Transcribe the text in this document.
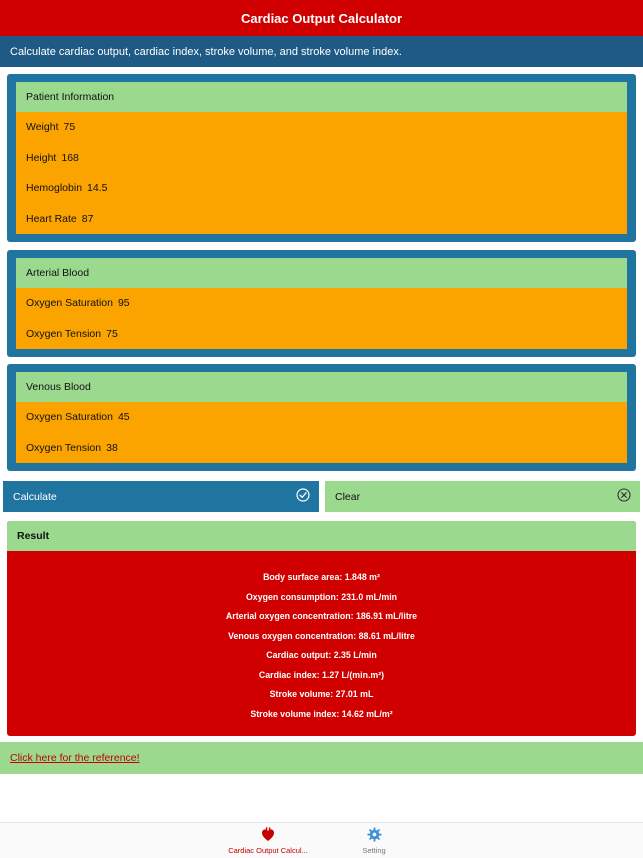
Cardiac Output Calculator
Calculate cardiac output, cardiac index, stroke volume, and stroke volume index.
Patient Information
Weight 75
Height 168
Hemoglobin 14.5
Heart Rate 87
Arterial Blood
Oxygen Saturation 95
Oxygen Tension 75
Venous Blood
Oxygen Saturation 45
Oxygen Tension 38
Calculate	Clear
Result
Body surface area: 1.848 m²
Oxygen consumption: 231.0 mL/min
Arterial oxygen concentration: 186.91 mL/litre
Venous oxygen concentration: 88.61 mL/litre
Cardiac output: 2.35 L/min
Cardiac index: 1.27 L/(min.m²)
Stroke volume: 27.01 mL
Stroke volume index: 14.62 mL/m²
Click here for the reference!
Cardiac Output Calcul...	Setting
